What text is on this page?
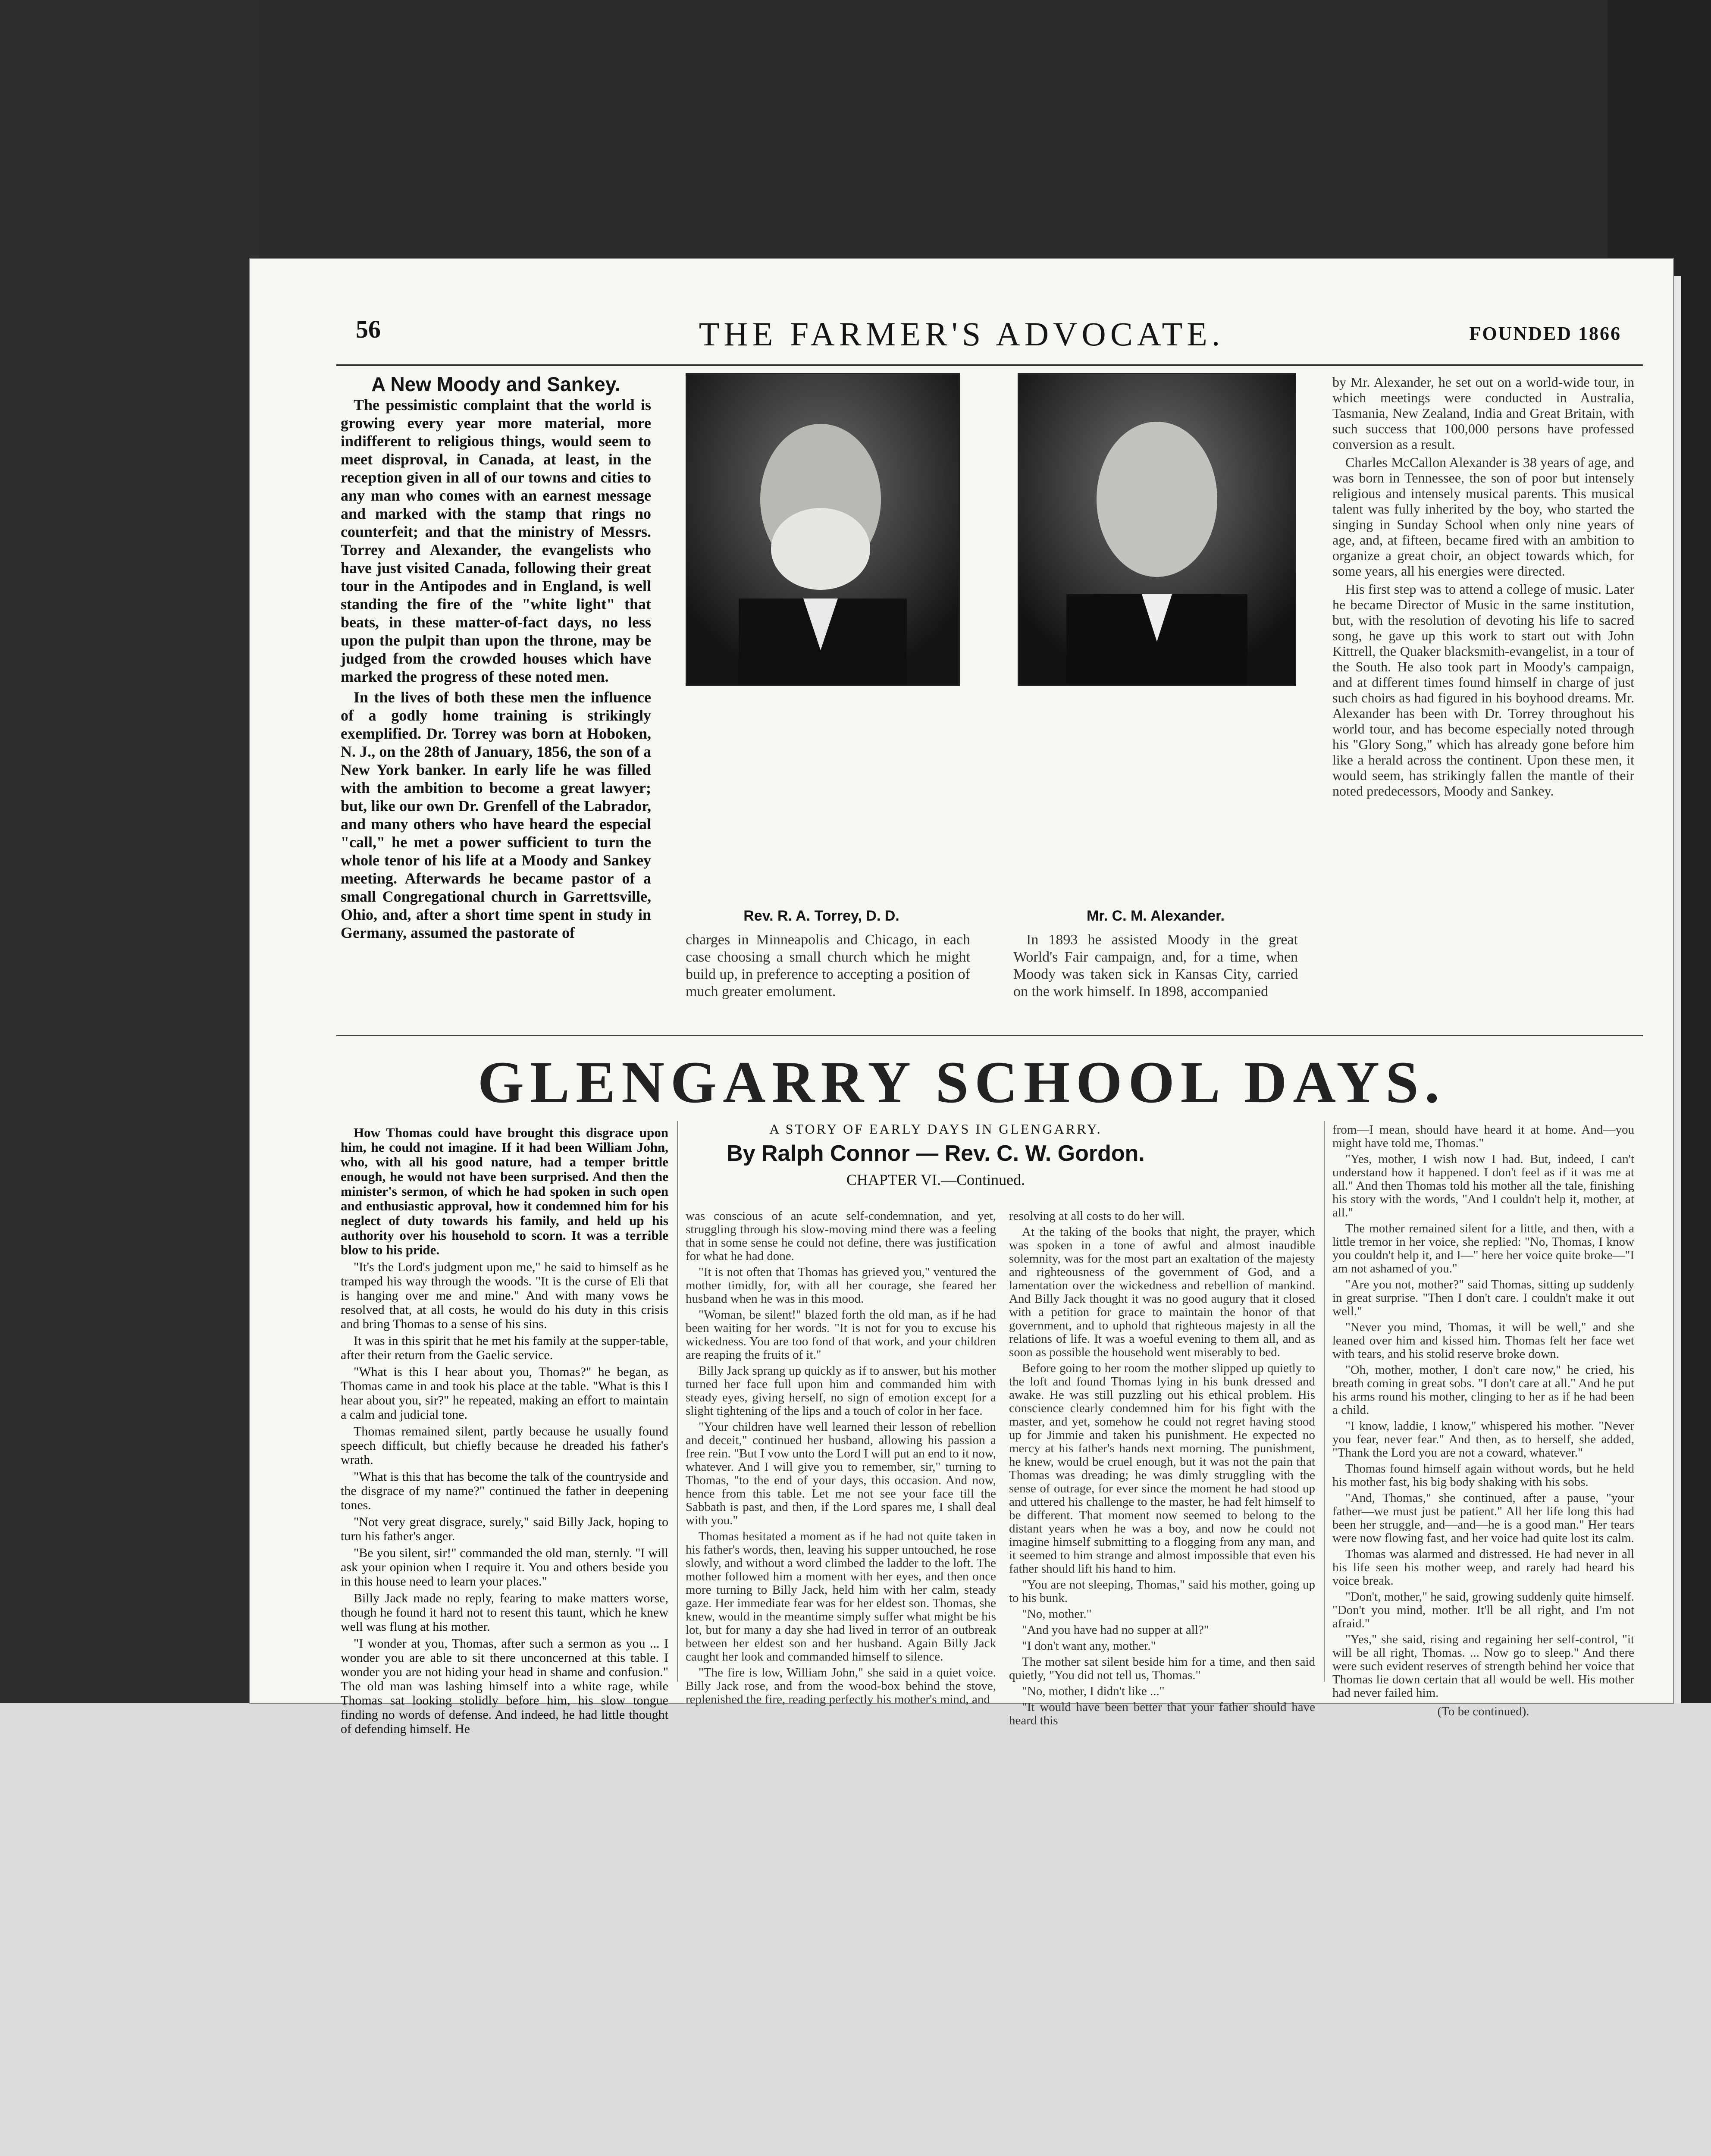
56	THE FARMER'S ADVOCATE.	FOUNDED 1866

A New Moody and Sankey.

The pessimistic complaint that the world is growing every year more material, more indifferent to religious things, would seem to meet disproval, in Canada, at least, in the reception given in all of our towns and cities to any man who comes with an earnest message and marked with the stamp that rings no counterfeit; and that the ministry of Messrs. Torrey and Alexander, the evangelists who have just visited Canada, following their great tour in the Antipodes and in England, is well standing the fire of the "white light" that beats, in these matter-of-fact days, no less upon the pulpit than upon the throne, may be judged from the crowded houses which have marked the progress of these noted men.

In the lives of both these men the influence of a godly home training is strikingly exemplified. Dr. Torrey was born at Hoboken, N. J., on the 28th of January, 1856, the son of a New York banker. In early life he was filled with the ambition to become a great lawyer; but, like our own Dr. Grenfell of the Labrador, and many others who have heard the especial "call," he met a power sufficient to turn the whole tenor of his life at a Moody and Sankey meeting. Afterwards he became pastor of a small Congregational church in Garrettsville, Ohio, and, after a short time spent in study in Germany, assumed the pastorate of

Rev. R. A. Torrey, D. D.	Mr. C. M. Alexander.

charges in Minneapolis and Chicago, in each case choosing a small church which he might build up, in preference to accepting a position of much greater emolument.

In 1893 he assisted Moody in the great World's Fair campaign, and, for a time, when Moody was taken sick in Kansas City, carried on the work himself. In 1898, accompanied

by Mr. Alexander, he set out on a world-wide tour, in which meetings were conducted in Australia, Tasmania, New Zealand, India and Great Britain, with such success that 100,000 persons have professed conversion as a result.

Charles McCallon Alexander is 38 years of age, and was born in Tennessee, the son of poor but intensely religious and intensely musical parents. This musical talent was fully inherited by the boy, who started the singing in Sunday School when only nine years of age, and, at fifteen, became fired with an ambition to organize a great choir, an object towards which, for some years, all his energies were directed.

His first step was to attend a college of music. Later he became Director of Music in the same institution, but, with the resolution of devoting his life to sacred song, he gave up this work to start out with John Kittrell, the Quaker blacksmith-evangelist, in a tour of the South. He also took part in Moody's campaign, and at different times found himself in charge of just such choirs as had figured in his boyhood dreams. Mr. Alexander has been with Dr. Torrey throughout his world tour, and has become especially noted through his "Glory Song," which has already gone before him like a herald across the continent. Upon these men, it would seem, has strikingly fallen the mantle of their noted predecessors, Moody and Sankey.

GLENGARRY SCHOOL DAYS.
A STORY OF EARLY DAYS IN GLENGARRY.
By Ralph Connor — Rev. C. W. Gordon.
CHAPTER VI.—Continued.

How Thomas could have brought this disgrace upon him, he could not imagine. If it had been William John, who, with all his good nature, had a temper brittle enough, he would not have been surprised. And then the minister's sermon, of which he had spoken in such open and enthusiastic approval, how it condemned him for his neglect of duty towards his family, and held up his authority over his household to scorn. It was a terrible blow to his pride.

"It's the Lord's judgment upon me," he said to himself as he tramped his way through the woods. "It is the curse of Eli that is hanging over me and mine." And with many vows he resolved that, at all costs, he would do his duty in this crisis and bring Thomas to a sense of his sins.

It was in this spirit that he met his family at the supper-table, after their return from the Gaelic service.

"What is this I hear about you, Thomas?" he began, as Thomas came in and took his place at the table. "What is this I hear about you, sir?" he repeated, making an effort to maintain a calm and judicial tone.

Thomas remained silent, partly because he usually found speech difficult, but chiefly because he dreaded his father's wrath.

"What is this that has become the talk of the countryside and the disgrace of my name?" continued the father in deepening tones.

"Not very great disgrace, surely," said Billy Jack, hoping to turn his father's anger.

"Be you silent, sir!" commanded the old man, sternly. "I will ask your opinion when I require it. You and others beside you in this house need to learn your places."

Billy Jack made no reply, fearing to make matters worse, though he found it hard not to resent this taunt, which he knew well was flung at his mother.

"I wonder at you, Thomas, after such a sermon as you ... I wonder you are able to sit there unconcerned at this table. I wonder you are not hiding your head in shame and confusion." The old man was lashing himself into a white rage, while Thomas sat looking stolidly before him, his slow tongue finding no words of defense. And indeed, he had little thought of defending himself. He

was conscious of an acute self-condemnation, and yet, struggling through his slow-moving mind there was a feeling that in some sense he could not define, there was justification for what he had done.

"It is not often that Thomas has grieved you," ventured the mother timidly, for, with all her courage, she feared her husband when he was in this mood.

"Woman, be silent!" blazed forth the old man, as if he had been waiting for her words. "It is not for you to excuse his wickedness. You are too fond of that work, and your children are reaping the fruits of it."

Billy Jack sprang up quickly as if to answer, but his mother turned her face full upon him and commanded him with steady eyes, giving herself, no sign of emotion except for a slight tightening of the lips and a touch of color in her face.

"Your children have well learned their lesson of rebellion and deceit," continued her husband, allowing his passion a free rein. "But I vow unto the Lord I will put an end to it now, whatever. And I will give you to remember, sir," turning to Thomas, "to the end of your days, this occasion. And now, hence from this table. Let me not see your face till the Sabbath is past, and then, if the Lord spares me, I shall deal with you."

Thomas hesitated a moment as if he had not quite taken in his father's words, then, leaving his supper untouched, he rose slowly, and without a word climbed the ladder to the loft. The mother followed him a moment with her eyes, and then once more turning to Billy Jack, held him with her calm, steady gaze. Her immediate fear was for her eldest son. Thomas, she knew, would in the meantime simply suffer what might be his lot, but for many a day she had lived in terror of an outbreak between her eldest son and her husband. Again Billy Jack caught her look and commanded himself to silence.

"The fire is low, William John," she said in a quiet voice. Billy Jack rose, and from the wood-box behind the stove, replenished the fire, reading perfectly his mother's mind, and

resolving at all costs to do her will.

At the taking of the books that night, the prayer, which was spoken in a tone of awful and almost inaudible solemnity, was for the most part an exaltation of the majesty and righteousness of the government of God, and a lamentation over the wickedness and rebellion of mankind. And Billy Jack thought it was no good augury that it closed with a petition for grace to maintain the honor of that government, and to uphold that righteous majesty in all the relations of life. It was a woeful evening to them all, and as soon as possible the household went miserably to bed.

Before going to her room the mother slipped up quietly to the loft and found Thomas lying in his bunk dressed and awake. He was still puzzling out his ethical problem. His conscience clearly condemned him for his fight with the master, and yet, somehow he could not regret having stood up for Jimmie and taken his punishment. He expected no mercy at his father's hands next morning. The punishment, he knew, would be cruel enough, but it was not the pain that Thomas was dreading; he was dimly struggling with the sense of outrage, for ever since the moment he had stood up and uttered his challenge to the master, he had felt himself to be different. That moment now seemed to belong to the distant years when he was a boy, and now he could not imagine himself submitting to a flogging from any man, and it seemed to him strange and almost impossible that even his father should lift his hand to him.

"You are not sleeping, Thomas," said his mother, going up to his bunk.

"No, mother."

"And you have had no supper at all?"

"I don't want any, mother."

The mother sat silent beside him for a time, and then said quietly, "You did not tell us, Thomas."

"No, mother, I didn't like ..."

"It would have been better that your father should have heard this

from—I mean, should have heard it at home. And—you might have told me, Thomas."

"Yes, mother, I wish now I had. But, indeed, I can't understand how it happened. I don't feel as if it was me at all." And then Thomas told his mother all the tale, finishing his story with the words, "And I couldn't help it, mother, at all."

The mother remained silent for a little, and then, with a little tremor in her voice, she replied: "No, Thomas, I know you couldn't help it, and I—" here her voice quite broke—"I am not ashamed of you."

"Are you not, mother?" said Thomas, sitting up suddenly in great surprise. "Then I don't care. I couldn't make it out well."

"Never you mind, Thomas, it will be well," and she leaned over him and kissed him. Thomas felt her face wet with tears, and his stolid reserve broke down.

"Oh, mother, mother, I don't care now," he cried, his breath coming in great sobs. "I don't care at all." And he put his arms round his mother, clinging to her as if he had been a child.

"I know, laddie, I know," whispered his mother. "Never you fear, never fear." And then, as to herself, she added, "Thank the Lord you are not a coward, whatever."

Thomas found himself again without words, but he held his mother fast, his big body shaking with his sobs.

"And, Thomas," she continued, after a pause, "your father—we must just be patient." All her life long this had been her struggle, and—and—he is a good man." Her tears were now flowing fast, and her voice had quite lost its calm.

Thomas was alarmed and distressed. He had never in all his life seen his mother weep, and rarely had heard his voice break.

"Don't, mother," he said, growing suddenly quite himself. "Don't you mind, mother. It'll be all right, and I'm not afraid."

"Yes," she said, rising and regaining her self-control, "it will be all right, Thomas. ... Now go to sleep." And there were such evident reserves of strength behind her voice that Thomas lie down certain that all would be well. His mother had never failed him.

(To be continued).
